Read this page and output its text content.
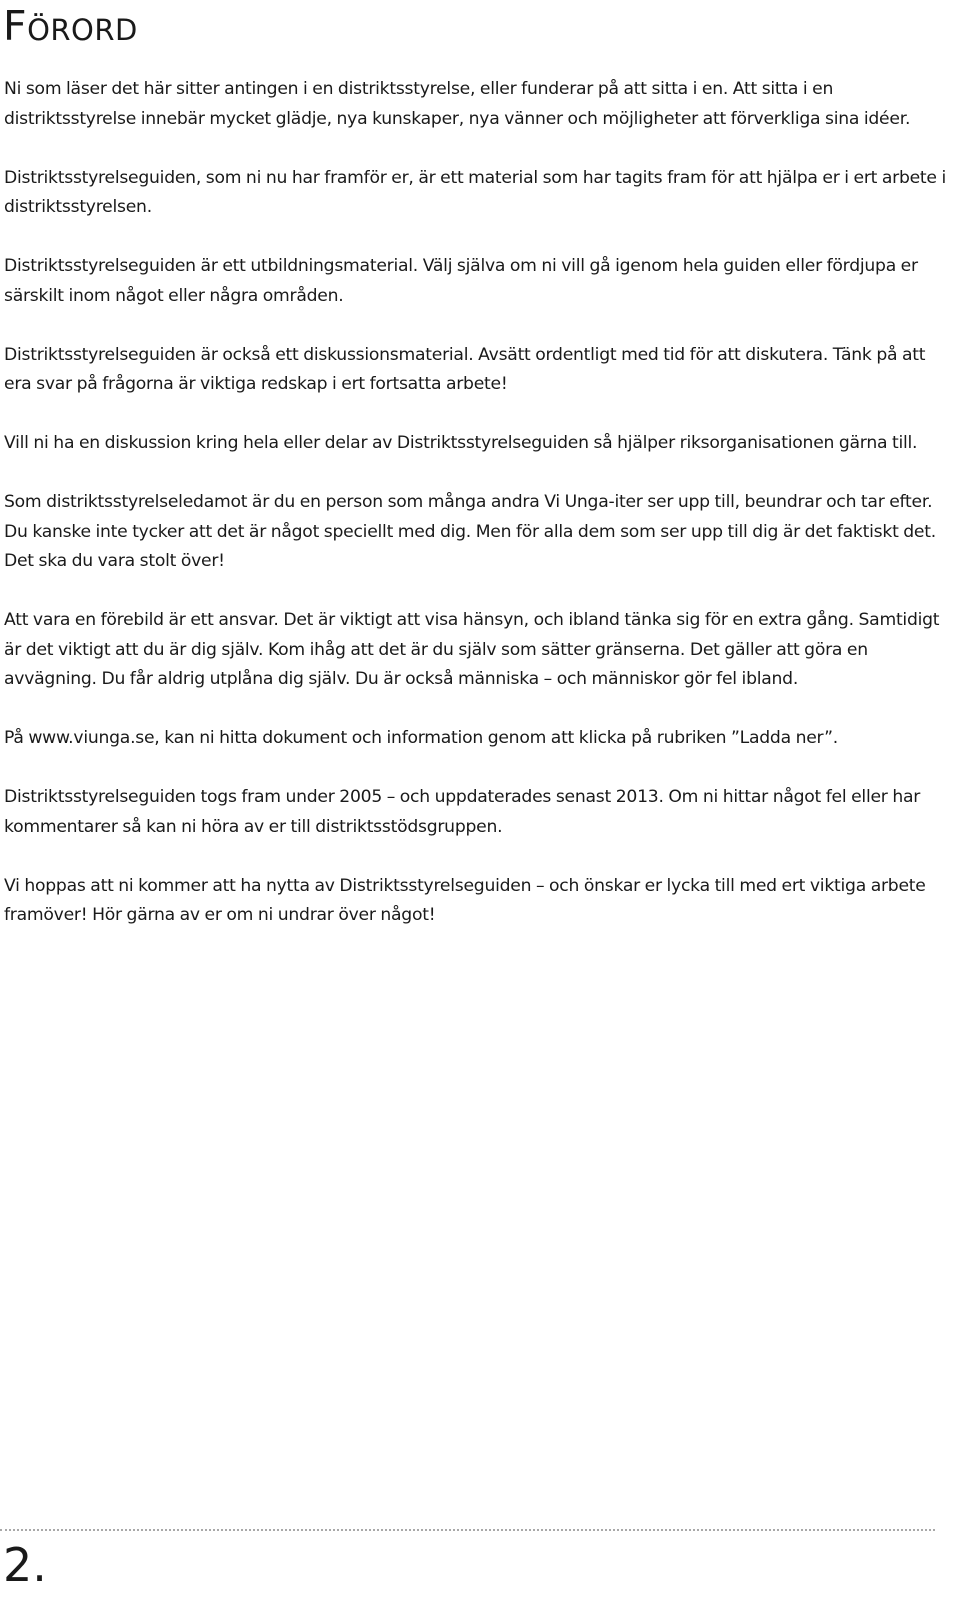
Förord

Ni som läser det här sitter antingen i en distriktsstyrelse, eller funderar på att sitta i en. Att sitta i en distriktsstyrelse innebär mycket glädje, nya kunskaper, nya vänner och möjligheter att förverkliga sina idéer.

Distriktsstyrelseguiden, som ni nu har framför er, är ett material som har tagits fram för att hjälpa er i ert arbete i distriktsstyrelsen.

Distriktsstyrelseguiden är ett utbildningsmaterial. Välj själva om ni vill gå igenom hela guiden eller fördjupa er särskilt inom något eller några områden.

Distriktsstyrelseguiden är också ett diskussionsmaterial. Avsätt ordentligt med tid för att diskutera. Tänk på att era svar på frågorna är viktiga redskap i ert fortsatta arbete!

Vill ni ha en diskussion kring hela eller delar av Distriktsstyrelseguiden så hjälper riksorganisationen gärna till.

Som distriktsstyrelseledamot är du en person som många andra Vi Unga-iter ser upp till, beundrar och tar efter. Du kanske inte tycker att det är något speciellt med dig. Men för alla dem som ser upp till dig är det faktiskt det. Det ska du vara stolt över!

Att vara en förebild är ett ansvar. Det är viktigt att visa hänsyn, och ibland tänka sig för en extra gång. Samtidigt är det viktigt att du är dig själv. Kom ihåg att det är du själv som sätter gränserna. Det gäller att göra en avvägning. Du får aldrig utplåna dig själv. Du är också människa – och människor gör fel ibland.

På www.viunga.se, kan ni hitta dokument och information genom att klicka på rubriken ”Ladda ner”.

Distriktsstyrelseguiden togs fram under 2005 – och uppdaterades senast 2013. Om ni hittar något fel eller har kommentarer så kan ni höra av er till distriktsstödsgruppen.

Vi hoppas att ni kommer att ha nytta av Distriktsstyrelseguiden – och önskar er lycka till med ert viktiga arbete framöver! Hör gärna av er om ni undrar över något!

2.
